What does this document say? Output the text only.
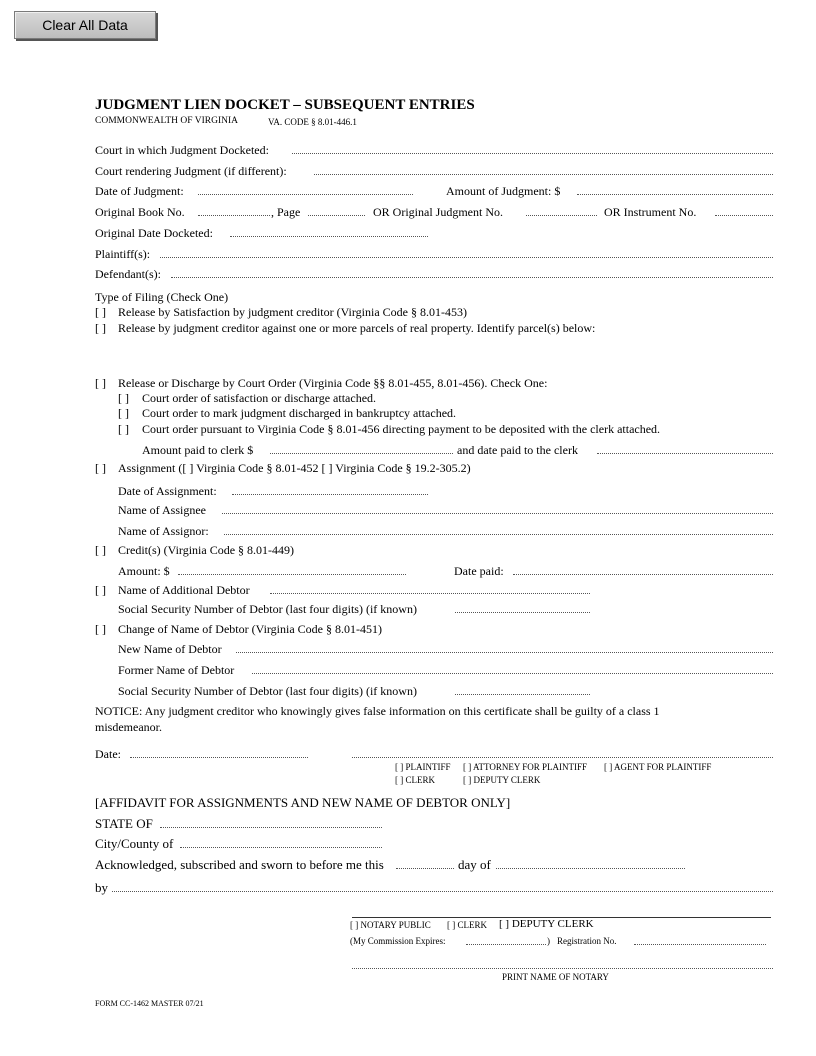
Clear All Data
JUDGMENT LIEN DOCKET – SUBSEQUENT ENTRIES
COMMONWEALTH OF VIRGINIA	VA. CODE § 8.01-446.1
Court in which Judgment Docketed:
Court rendering Judgment (if different):
Date of Judgment:	Amount of Judgment: $
Original Book No.	, Page	OR Original Judgment No.	OR Instrument No.
Original Date Docketed:
Plaintiff(s):
Defendant(s):
Type of Filing (Check One)
[ ] Release by Satisfaction by judgment creditor (Virginia Code § 8.01-453)
[ ] Release by judgment creditor against one or more parcels of real property. Identify parcel(s) below:
[ ] Release or Discharge by Court Order (Virginia Code §§ 8.01-455, 8.01-456). Check One:
[ ] Court order of satisfaction or discharge attached.
[ ] Court order to mark judgment discharged in bankruptcy attached.
[ ] Court order pursuant to Virginia Code § 8.01-456 directing payment to be deposited with the clerk attached.
Amount paid to clerk $	and date paid to the clerk
[ ] Assignment ([ ] Virginia Code § 8.01-452 [ ] Virginia Code § 19.2-305.2)
Date of Assignment:
Name of Assignee
Name of Assignor:
[ ] Credit(s) (Virginia Code § 8.01-449)
Amount: $	Date paid:
[ ] Name of Additional Debtor
Social Security Number of Debtor (last four digits) (if known)
[ ] Change of Name of Debtor (Virginia Code § 8.01-451)
New Name of Debtor
Former Name of Debtor
Social Security Number of Debtor (last four digits) (if known)
NOTICE: Any judgment creditor who knowingly gives false information on this certificate shall be guilty of a class 1
misdemeanor.
Date:
[ ] PLAINTIFF [ ] ATTORNEY FOR PLAINTIFF [ ] AGENT FOR PLAINTIFF
[ ] CLERK	[ ] DEPUTY CLERK
[AFFIDAVIT FOR ASSIGNMENTS AND NEW NAME OF DEBTOR ONLY]
STATE OF
City/County of
Acknowledged, subscribed and sworn to before me this	day of
by
[ ] NOTARY PUBLIC [ ] CLERK [ ] DEPUTY CLERK
(My Commission Expires:	) Registration No.
PRINT NAME OF NOTARY
FORM CC-1462 MASTER 07/21
